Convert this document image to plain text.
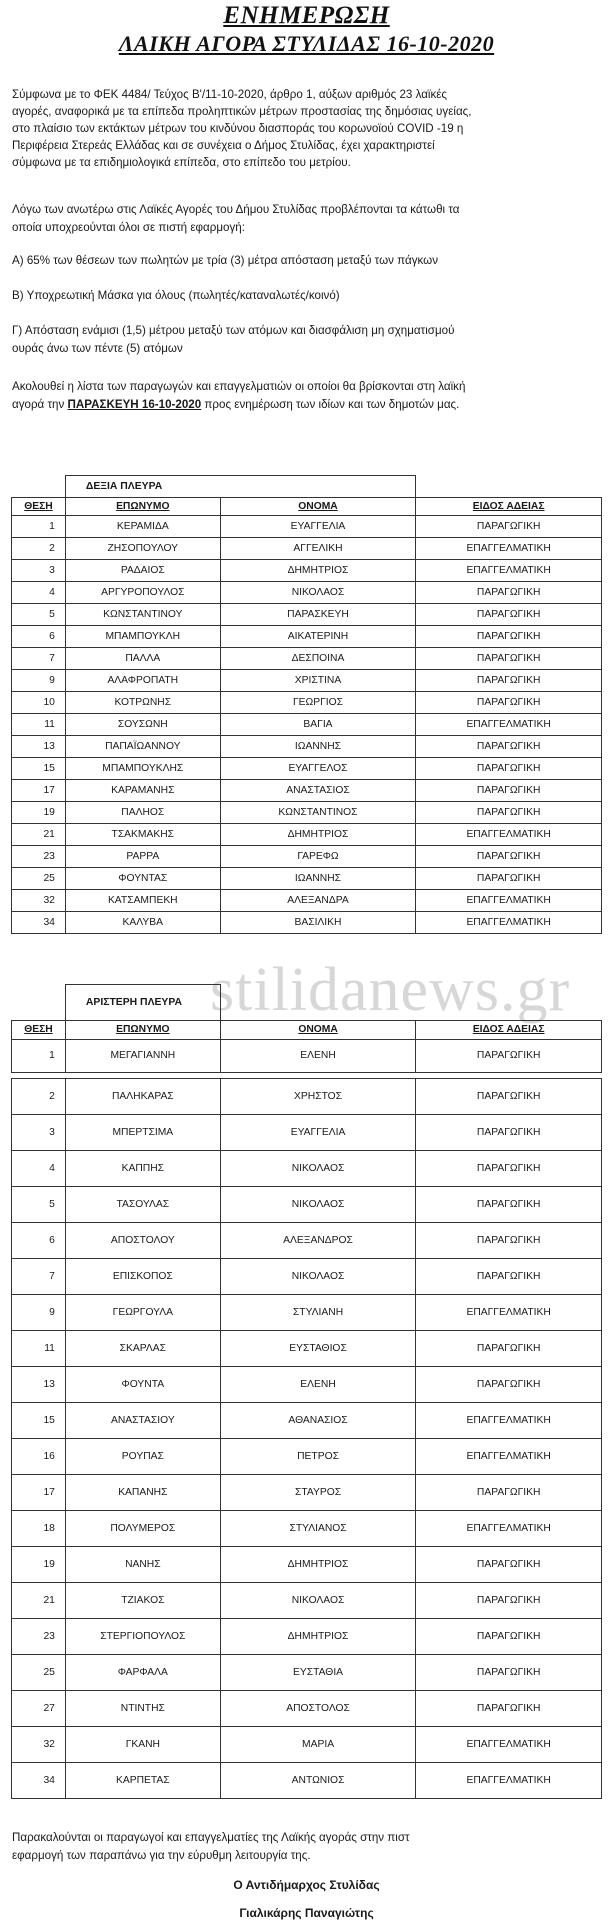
ΕΝΗΜΕΡΩΣΗ
ΛΑΙΚΗ ΑΓΟΡΑ ΣΤΥΛΙΔΑΣ 16-10-2020
Σύμφωνα με το ΦΕΚ 4484/ Τεύχος Β'/11-10-2020, άρθρο 1, αύξων αριθμός 23 λαϊκές
αγορές, αναφορικά με τα επίπεδα προληπτικών μέτρων προστασίας της δημόσιας υγείας,
στο πλαίσιο των εκτάκτων μέτρων του κινδύνου διασποράς του κορωνοϊού COVID -19 η
Περιφέρεια Στερεάς Ελλάδας και σε συνέχεια ο Δήμος Στυλίδας, έχει χαρακτηριστεί
σύμφωνα με τα επιδημιολογικά επίπεδα, στο επίπεδο του μετρίου.
Λόγω των ανωτέρω στις Λαϊκές Αγορές του Δήμου Στυλίδας προβλέπονται τα κάτωθι τα
οποία υποχρεούνται όλοι σε πιστή εφαρμογή:
Α) 65% των θέσεων των πωλητών με τρία (3) μέτρα απόσταση μεταξύ των πάγκων
Β) Υποχρεωτική Μάσκα για όλους (πωλητές/καταναλωτές/κοινό)
Γ) Απόσταση ενάμισι (1,5) μέτρου μεταξύ των ατόμων και διασφάλιση μη σχηματισμού
ουράς άνω των πέντε (5) ατόμων
Ακολουθεί η λίστα των παραγωγών και επαγγελματιών οι οποίοι θα βρίσκονται στη λαϊκή
αγορά την ΠΑΡΑΣΚΕΥΗ 16-10-2020 προς ενημέρωση των ιδίων και των δημοτών μας.
	ΔΕΞΙΑ ΠΛΕΥΡΑ		
ΘΕΣΗ	ΕΠΩΝΥΜΟ	ΟΝΟΜΑ	ΕΙΔΟΣ ΑΔΕΙΑΣ
1	ΚΕΡΑΜΙΔΑ	ΕΥΑΓΓΕΛΙΑ	ΠΑΡΑΓΩΓΙΚΗ
2	ΖΗΣΟΠΟΥΛΟΥ	ΑΓΓΕΛΙΚΗ	ΕΠΑΓΓΕΛΜΑΤΙΚΗ
3	ΡΑΔΑΙΟΣ	ΔΗΜΗΤΡΙΟΣ	ΕΠΑΓΓΕΛΜΑΤΙΚΗ
4	ΑΡΓΥΡΟΠΟΥΛΟΣ	ΝΙΚΟΛΑΟΣ	ΠΑΡΑΓΩΓΙΚΗ
5	ΚΩΝΣΤΑΝΤΙΝΟΥ	ΠΑΡΑΣΚΕΥΗ	ΠΑΡΑΓΩΓΙΚΗ
6	ΜΠΑΜΠΟΥΚΛΗ	ΑΙΚΑΤΕΡΙΝΗ	ΠΑΡΑΓΩΓΙΚΗ
7	ΠΑΛΛΑ	ΔΕΣΠΟΙΝΑ	ΠΑΡΑΓΩΓΙΚΗ
9	ΑΛΑΦΡΟΠΑΤΗ	ΧΡΙΣΤΙΝΑ	ΠΑΡΑΓΩΓΙΚΗ
10	ΚΟΤΡΩΝΗΣ	ΓΕΩΡΓΙΟΣ	ΠΑΡΑΓΩΓΙΚΗ
11	ΣΟΥΣΩΝΗ	ΒΑΓΙΑ	ΕΠΑΓΓΕΛΜΑΤΙΚΗ
13	ΠΑΠΑΪΩΑΝΝΟΥ	ΙΩΑΝΝΗΣ	ΠΑΡΑΓΩΓΙΚΗ
15	ΜΠΑΜΠΟΥΚΛΗΣ	ΕΥΑΓΓΕΛΟΣ	ΠΑΡΑΓΩΓΙΚΗ
17	ΚΑΡΑΜΑΝΗΣ	ΑΝΑΣΤΑΣΙΟΣ	ΠΑΡΑΓΩΓΙΚΗ
19	ΠΑΛΗΟΣ	ΚΩΝΣΤΑΝΤΙΝΟΣ	ΠΑΡΑΓΩΓΙΚΗ
21	ΤΣΑΚΜΑΚΗΣ	ΔΗΜΗΤΡΙΟΣ	ΕΠΑΓΓΕΛΜΑΤΙΚΗ
23	ΡΑΡΡΑ	ΓΑΡΕΦΩ	ΠΑΡΑΓΩΓΙΚΗ
25	ΦΟΥΝΤΑΣ	ΙΩΑΝΝΗΣ	ΠΑΡΑΓΩΓΙΚΗ
32	ΚΑΤΣΑΜΠΕΚΗ	ΑΛΕΞΑΝΔΡΑ	ΕΠΑΓΓΕΛΜΑΤΙΚΗ
34	ΚΑΛΥΒΑ	ΒΑΣΙΛΙΚΗ	ΕΠΑΓΓΕΛΜΑΤΙΚΗ
stilidanews.gr
	ΑΡΙΣΤΕΡΗ ΠΛΕΥΡΑ		
ΘΕΣΗ	ΕΠΩΝΥΜΟ	ΟΝΟΜΑ	ΕΙΔΟΣ ΑΔΕΙΑΣ
1	ΜΕΓΑΓΙΑΝΝΗ	ΕΛΕΝΗ	ΠΑΡΑΓΩΓΙΚΗ

2	ΠΑΛΗΚΑΡΑΣ	ΧΡΗΣΤΟΣ	ΠΑΡΑΓΩΓΙΚΗ
3	ΜΠΕΡΤΣΙΜΑ	ΕΥΑΓΓΕΛΙΑ	ΠΑΡΑΓΩΓΙΚΗ
4	ΚΑΠΠΗΣ	ΝΙΚΟΛΑΟΣ	ΠΑΡΑΓΩΓΙΚΗ
5	ΤΑΣΟΥΛΑΣ	ΝΙΚΟΛΑΟΣ	ΠΑΡΑΓΩΓΙΚΗ
6	ΑΠΟΣΤΟΛΟΥ	ΑΛΕΞΑΝΔΡΟΣ	ΠΑΡΑΓΩΓΙΚΗ
7	ΕΠΙΣΚΟΠΟΣ	ΝΙΚΟΛΑΟΣ	ΠΑΡΑΓΩΓΙΚΗ
9	ΓΕΩΡΓΟΥΛΑ	ΣΤΥΛΙΑΝΗ	ΕΠΑΓΓΕΛΜΑΤΙΚΗ
11	ΣΚΑΡΛΑΣ	ΕΥΣΤΑΘΙΟΣ	ΠΑΡΑΓΩΓΙΚΗ
13	ΦΟΥΝΤΑ	ΕΛΕΝΗ	ΠΑΡΑΓΩΓΙΚΗ
15	ΑΝΑΣΤΑΣΙΟΥ	ΑΘΑΝΑΣΙΟΣ	ΕΠΑΓΓΕΛΜΑΤΙΚΗ
16	ΡΟΥΠΑΣ	ΠΕΤΡΟΣ	ΕΠΑΓΓΕΛΜΑΤΙΚΗ
17	ΚΑΠΑΝΗΣ	ΣΤΑΥΡΟΣ	ΠΑΡΑΓΩΓΙΚΗ
18	ΠΟΛΥΜΕΡΟΣ	ΣΤΥΛΙΑΝΟΣ	ΕΠΑΓΓΕΛΜΑΤΙΚΗ
19	ΝΑΝΗΣ	ΔΗΜΗΤΡΙΟΣ	ΠΑΡΑΓΩΓΙΚΗ
21	ΤΖΙΑΚΟΣ	ΝΙΚΟΛΑΟΣ	ΠΑΡΑΓΩΓΙΚΗ
23	ΣΤΕΡΓΙΟΠΟΥΛΟΣ	ΔΗΜΗΤΡΙΟΣ	ΠΑΡΑΓΩΓΙΚΗ
25	ΦΑΡΦΑΛΑ	ΕΥΣΤΑΘΙΑ	ΠΑΡΑΓΩΓΙΚΗ
27	ΝΤΙΝΤΗΣ	ΑΠΟΣΤΟΛΟΣ	ΠΑΡΑΓΩΓΙΚΗ
32	ΓΚΑΝΗ	ΜΑΡΙΑ	ΕΠΑΓΓΕΛΜΑΤΙΚΗ
34	ΚΑΡΠΕΤΑΣ	ΑΝΤΩΝΙΟΣ	ΕΠΑΓΓΕΛΜΑΤΙΚΗ
Παρακαλούνται οι παραγωγοί και επαγγελματίες της Λαϊκής αγοράς στην πιστ
εφαρμογή των παραπάνω για την εύρυθμη λειτουργία της.
Ο Αντιδήμαρχος Στυλίδας
Γιαλικάρης Παναγιώτης
